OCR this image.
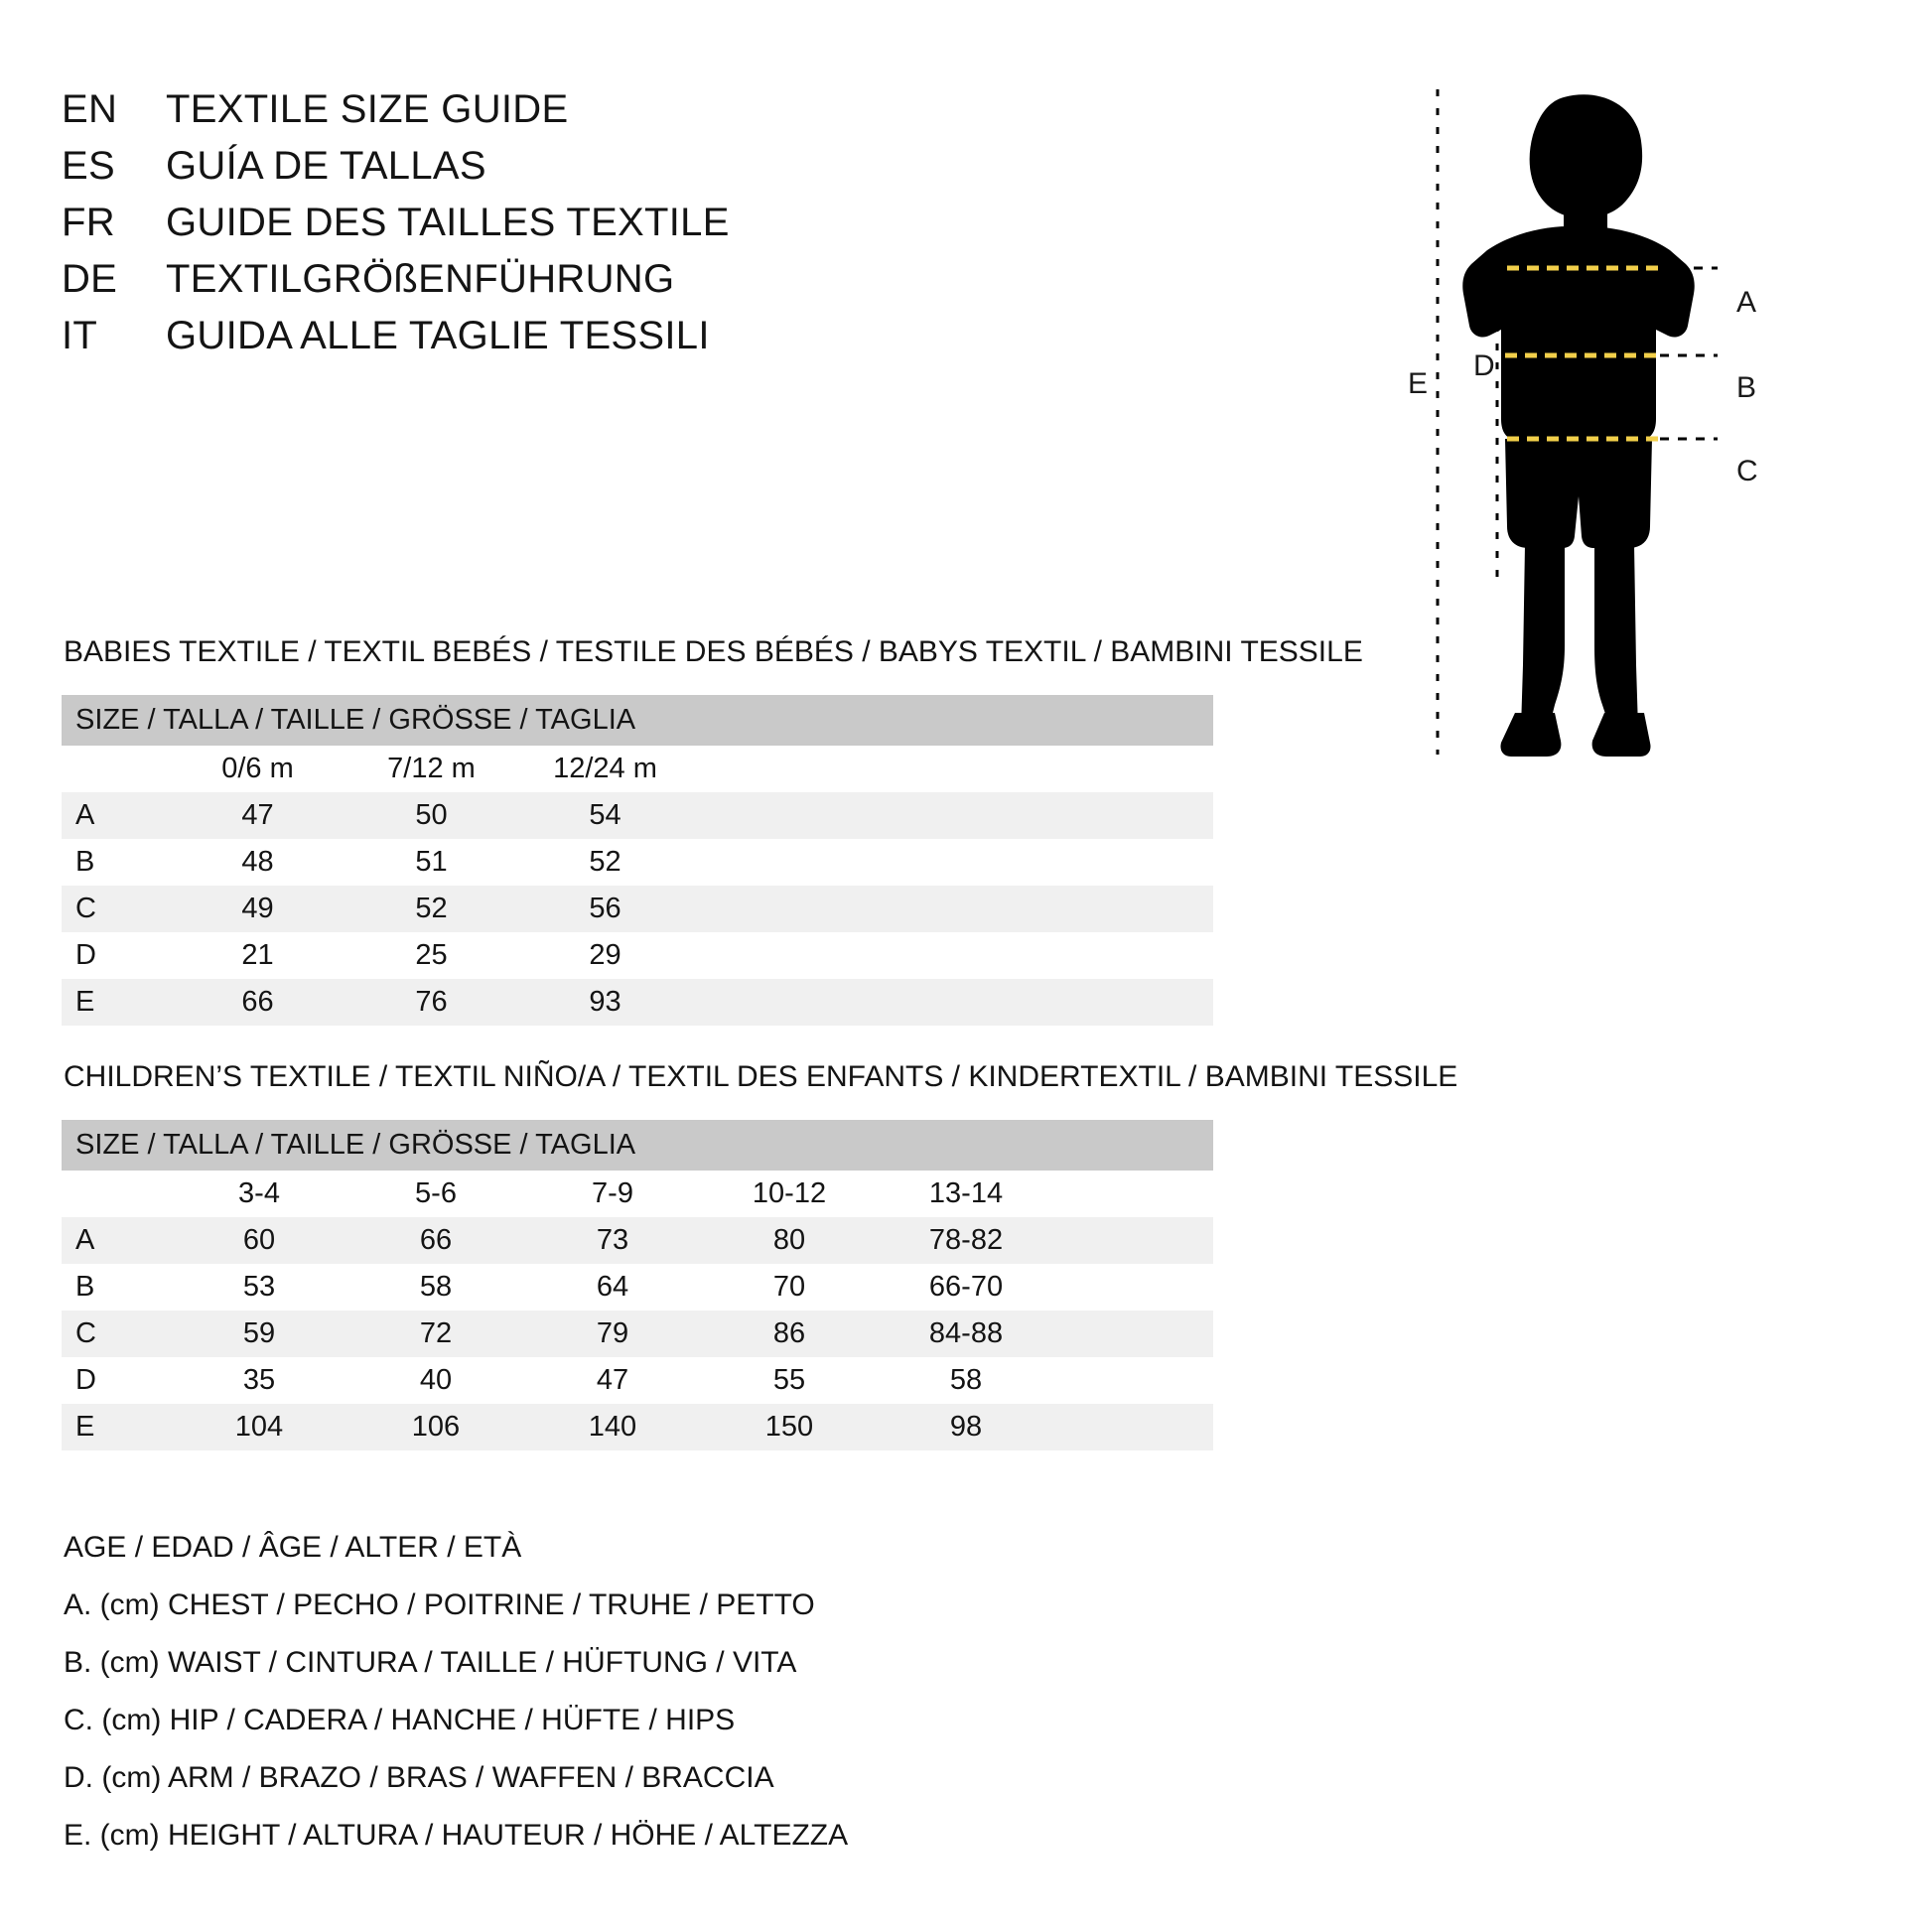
EN	TEXTILE SIZE GUIDE
ES	GUÍA DE TALLAS
FR	GUIDE DES TAILLES TEXTILE
DE	TEXTILGRÖßENFÜHRUNG
IT	GUIDA ALLE TAGLIE TESSILI
A
B
C
D
E
BABIES TEXTILE / TEXTIL BEBÉS / TESTILE DES BÉBÉS / BABYS TEXTIL / BAMBINI TESSILE
SIZE / TALLA / TAILLE / GRÖSSE / TAGLIA				
	0/6 m	7/12 m	12/24 m	
A	47	50	54	
B	48	51	52	
C	49	52	56	
D	21	25	29	
E	66	76	93	
CHILDREN’S TEXTILE / TEXTIL NIÑO/A / TEXTIL DES ENFANTS / KINDERTEXTIL / BAMBINI TESSILE
SIZE / TALLA / TAILLE / GRÖSSE / TAGLIA						
	3-4	5-6	7-9	10-12	13-14	
A	60	66	73	80	78-82	
B	53	58	64	70	66-70	
C	59	72	79	86	84-88	
D	35	40	47	55	58	
E	104	106	140	150	98	
AGE / EDAD / ÂGE / ALTER / ETÀ
A. (cm) CHEST / PECHO / POITRINE / TRUHE / PETTO
B. (cm) WAIST / CINTURA / TAILLE / HÜFTUNG / VITA
C. (cm) HIP / CADERA / HANCHE / HÜFTE / HIPS
D. (cm) ARM / BRAZO / BRAS / WAFFEN / BRACCIA
E. (cm) HEIGHT / ALTURA / HAUTEUR / HÖHE / ALTEZZA
